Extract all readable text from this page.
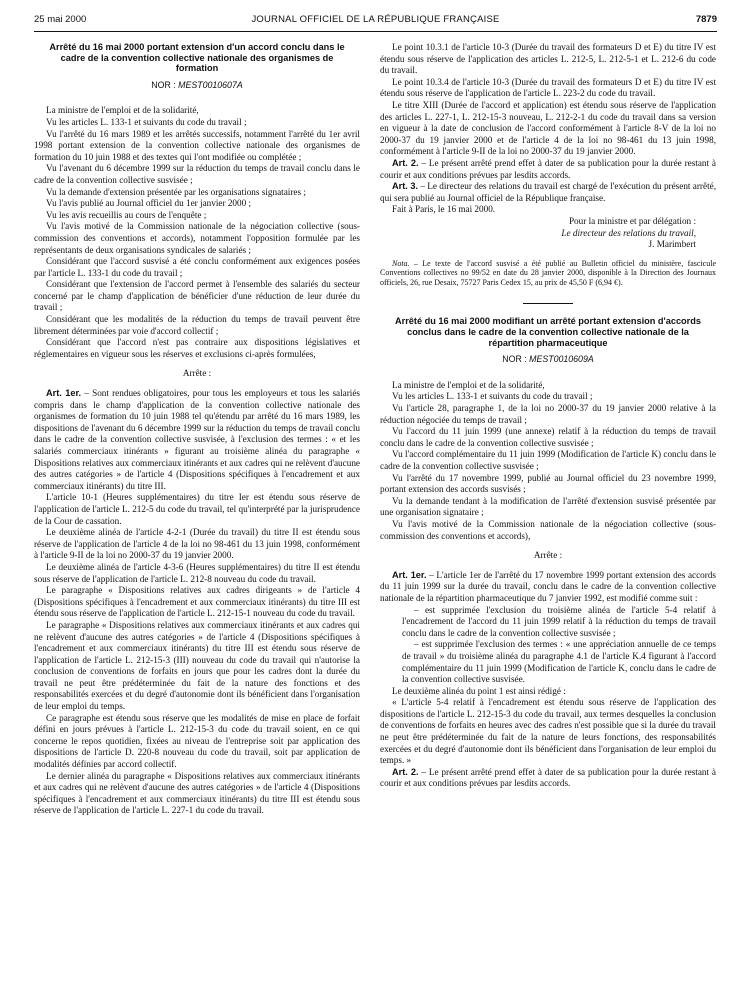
25 mai 2000	JOURNAL OFFICIEL DE LA RÉPUBLIQUE FRANÇAISE	7879
Arrêté du 16 mai 2000 portant extension d'un accord conclu dans le cadre de la convention collective nationale des organismes de formation
NOR : MEST0010607A

La ministre de l'emploi et de la solidarité,

Vu les articles L. 133-1 et suivants du code du travail ;

Vu l'arrêté du 16 mars 1989 et les arrêtés successifs, notamment l'arrêté du 1er avril 1998 portant extension de la convention collective nationale des organismes de formation du 10 juin 1988 et des textes qui l'ont modifiée ou complétée ;

Vu l'avenant du 6 décembre 1999 sur la réduction du temps de travail conclu dans le cadre de la convention collective susvisée ;

Vu la demande d'extension présentée par les organisations signataires ;

Vu l'avis publié au Journal officiel du 1er janvier 2000 ;

Vu les avis recueillis au cours de l'enquête ;

Vu l'avis motivé de la Commission nationale de la négociation collective (sous-commission des conventions et accords), notamment l'opposition formulée par les représentants de deux organisations syndicales de salariés ;

Considérant que l'accord susvisé a été conclu conformément aux exigences posées par l'article L. 133-1 du code du travail ;

Considérant que l'extension de l'accord permet à l'ensemble des salariés du secteur concerné par le champ d'application de bénéficier d'une réduction de leur durée du travail ;

Considérant que les modalités de la réduction du temps de travail peuvent être librement déterminées par voie d'accord collectif ;

Considérant que l'accord n'est pas contraire aux dispositions législatives et réglementaires en vigueur sous les réserves et exclusions ci-après formulées,

Arrête :

Art. 1er. – Sont rendues obligatoires, pour tous les employeurs et tous les salariés compris dans le champ d'application de la convention collective nationale des organismes de formation du 10 juin 1988 tel qu'étendu par arrêté du 16 mars 1989, les dispositions de l'avenant du 6 décembre 1999 sur la réduction du temps de travail conclu dans le cadre de la convention collective susvisée, à l'exclusion des termes : « et les salariés commerciaux itinérants » figurant au troisième alinéa du paragraphe « Dispositions relatives aux commerciaux itinérants et aux cadres qui ne relèvent d'aucune des autres catégories » de l'article 4 (Dispositions spécifiques à l'encadrement et aux commerciaux itinérants) du titre III.

L'article 10-1 (Heures supplémentaires) du titre Ier est étendu sous réserve de l'application de l'article L. 212-5 du code du travail, tel qu'interprété par la jurisprudence de la Cour de cassation.

Le deuxième alinéa de l'article 4-2-1 (Durée du travail) du titre II est étendu sous réserve de l'application de l'article 4 de la loi no 98-461 du 13 juin 1998, conformément à l'article 9-II de la loi no 2000-37 du 19 janvier 2000.

Le deuxième alinéa de l'article 4-3-6 (Heures supplémentaires) du titre II est étendu sous réserve de l'application de l'article L. 212-8 nouveau du code du travail.

Le paragraphe « Dispositions relatives aux cadres dirigeants » de l'article 4 (Dispositions spécifiques à l'encadrement et aux commerciaux itinérants) du titre III est étendu sous réserve de l'application de l'article L. 212-15-1 nouveau du code du travail.

Le paragraphe « Dispositions relatives aux commerciaux itinérants et aux cadres qui ne relèvent d'aucune des autres catégories » de l'article 4 (Dispositions spécifiques à l'encadrement et aux commerciaux itinérants) du titre III est étendu sous réserve de l'application de l'article L. 212-15-3 (III) nouveau du code du travail qui n'autorise la conclusion de conventions de forfaits en jours que pour les cadres dont la durée du travail ne peut être prédéterminée du fait de la nature des fonctions et des responsabilités exercées et du degré d'autonomie dont ils bénéficient dans l'organisation de leur emploi du temps.

Ce paragraphe est étendu sous réserve que les modalités de mise en place de forfait défini en jours prévues à l'article L. 212-15-3 du code du travail soient, en ce qui concerne le repos quotidien, fixées au niveau de l'entreprise soit par application des dispositions de l'article D. 220-8 nouveau du code du travail, soit par application de modalités définies par accord collectif.

Le dernier alinéa du paragraphe « Dispositions relatives aux commerciaux itinérants et aux cadres qui ne relèvent d'aucune des autres catégories » de l'article 4 (Dispositions spécifiques à l'encadrement et aux commerciaux itinérants) du titre III est étendu sous réserve de l'application de l'article L. 227-1 du code du travail.

Le point 10.3.1 de l'article 10-3 (Durée du travail des formateurs D et E) du titre IV est étendu sous réserve de l'application des articles L. 212-5, L. 212-5-1 et L. 212-6 du code du travail.

Le point 10.3.4 de l'article 10-3 (Durée du travail des formateurs D et E) du titre IV est étendu sous réserve de l'application de l'article L. 223-2 du code du travail.

Le titre XIII (Durée de l'accord et application) est étendu sous réserve de l'application des articles L. 227-1, L. 212-15-3 nouveau, L. 212-2-1 du code du travail dans sa version en vigueur à la date de conclusion de l'accord conformément à l'article 8-V de la loi no 2000-37 du 19 janvier 2000 et de l'article 4 de la loi no 98-461 du 13 juin 1998, conformément à l'article 9-II de la loi no 2000-37 du 19 janvier 2000.

Art. 2. – Le présent arrêté prend effet à dater de sa publication pour la durée restant à courir et aux conditions prévues par lesdits accords.

Art. 3. – Le directeur des relations du travail est chargé de l'exécution du présent arrêté, qui sera publié au Journal officiel de la République française.

Fait à Paris, le 16 mai 2000.

Pour la ministre et par délégation :
Le directeur des relations du travail,
J. Marimbert
Nota. – Le texte de l'accord susvisé a été publié au Bulletin officiel du ministère, fascicule Conventions collectives no 99/52 en date du 28 janvier 2000, disponible à la Direction des Journaux officiels, 26, rue Desaix, 75727 Paris Cedex 15, au prix de 45,50 F (6,94 €).
Arrêté du 16 mai 2000 modifiant un arrêté portant extension d'accords conclus dans le cadre de la convention collective nationale de la répartition pharmaceutique
NOR : MEST0010609A

La ministre de l'emploi et de la solidarité,

Vu les articles L. 133-1 et suivants du code du travail ;

Vu l'article 28, paragraphe 1, de la loi no 2000-37 du 19 janvier 2000 relative à la réduction négociée du temps de travail ;

Vu l'accord du 11 juin 1999 (une annexe) relatif à la réduction du temps de travail conclu dans le cadre de la convention collective susvisée ;

Vu l'accord complémentaire du 11 juin 1999 (Modification de l'article K) conclu dans le cadre de la convention collective susvisée ;

Vu l'arrêté du 17 novembre 1999, publié au Journal officiel du 23 novembre 1999, portant extension des accords susvisés ;

Vu la demande tendant à la modification de l'arrêté d'extension susvisé présentée par une organisation signataire ;

Vu l'avis motivé de la Commission nationale de la négociation collective (sous-commission des conventions et accords),

Arrête :

Art. 1er. – L'article 1er de l'arrêté du 17 novembre 1999 portant extension des accords du 11 juin 1999 sur la durée du travail, conclu dans le cadre de la convention collective nationale de la répartition pharmaceutique du 7 janvier 1992, est modifié comme suit :

– est supprimée l'exclusion du troisième alinéa de l'article 5-4 relatif à l'encadrement de l'accord du 11 juin 1999 relatif à la réduction du temps de travail conclu dans le cadre de la convention collective susvisée ;

– est supprimée l'exclusion des termes : « une appréciation annuelle de ce temps de travail » du troisième alinéa du paragraphe 4.1 de l'article K.4 figurant à l'accord complémentaire du 11 juin 1999 (Modification de l'article K, conclu dans le cadre de la convention collective susvisée.

Le deuxième alinéa du point 1 est ainsi rédigé :

« L'article 5-4 relatif à l'encadrement est étendu sous réserve de l'application des dispositions de l'article L. 212-15-3 du code du travail, aux termes desquelles la conclusion de conventions de forfaits en heures avec des cadres n'est possible que si la durée du travail ne peut être prédéterminée du fait de la nature de leurs fonctions, des responsabilités exercées et du degré d'autonomie dont ils bénéficient dans l'organisation de leur emploi du temps. »

Art. 2. – Le présent arrêté prend effet à dater de sa publication pour la durée restant à courir et aux conditions prévues par lesdits accords.
